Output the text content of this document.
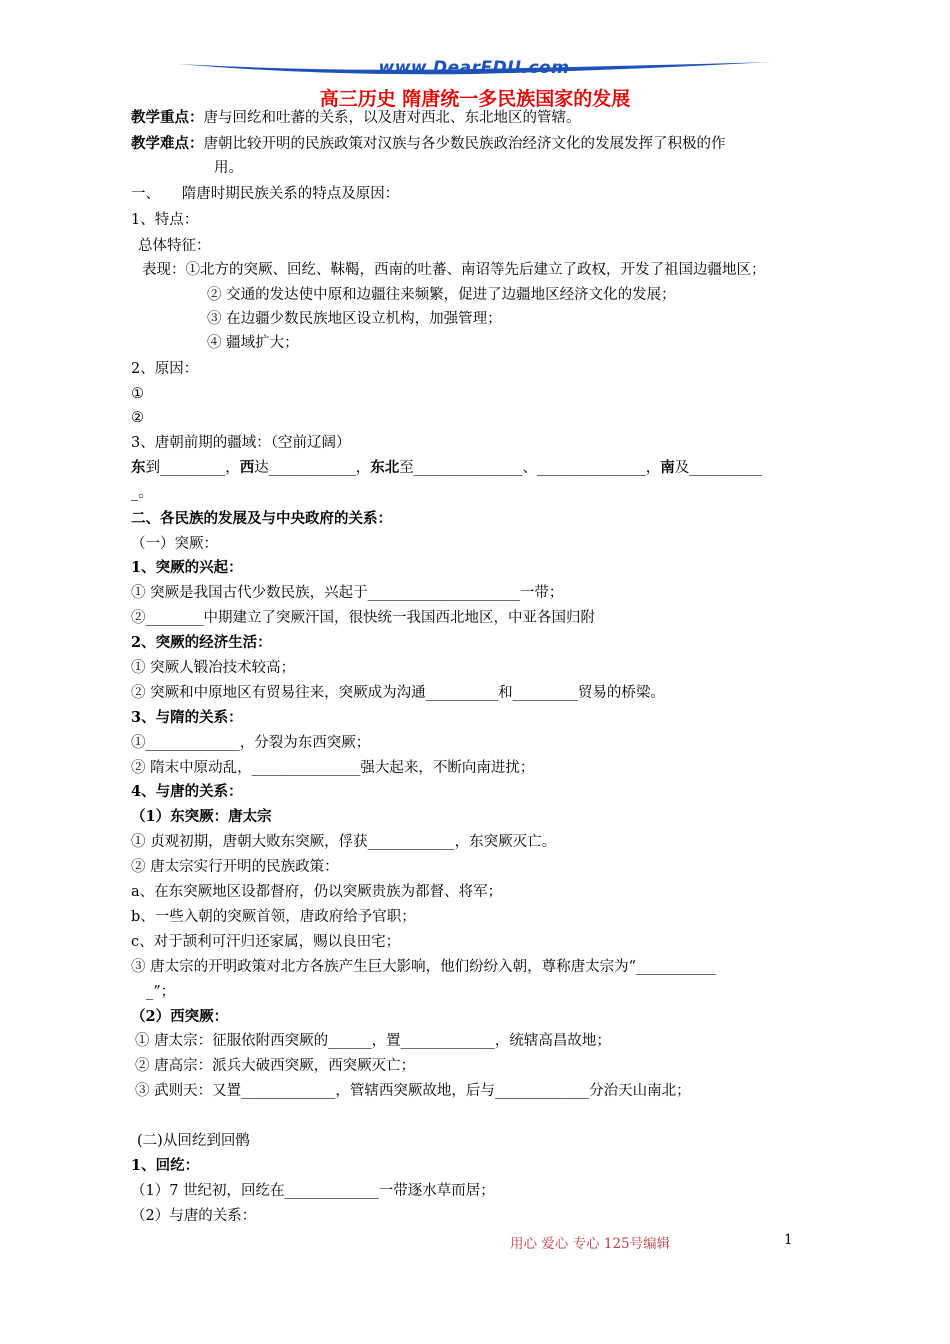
www.DearEDU.com
高三历史 隋唐统一多民族国家的发展
教学重点：唐与回纥和吐蕃的关系，以及唐对西北、东北地区的管辖。
教学难点：唐朝比较开明的民族政策对汉族与各少数民族政治经济文化的发展发挥了积极的作
用。
一、　　隋唐时期民族关系的特点及原因：
1、特点：
总体特征：
表现：①北方的突厥、回纥、靺鞨，西南的吐蕃、南诏等先后建立了政权，开发了祖国边疆地区；
② 交通的发达使中原和边疆往来频繁，促进了边疆地区经济文化的发展；
③ 在边疆少数民族地区设立机构，加强管理；
④ 疆域扩大；
2、原因：
①
②
3、唐朝前期的疆域：（空前辽阔）
东到_________，西达____________，东北至_______________、_______________，南及__________
_。
二、各民族的发展及与中央政府的关系：
（一）突厥：
1、突厥的兴起：
① 突厥是我国古代少数民族，兴起于_____________________一带；
②________中期建立了突厥汗国，很快统一我国西北地区，中亚各国归附
2、突厥的经济生活：
① 突厥人锻冶技术较高；
② 突厥和中原地区有贸易往来，突厥成为沟通__________和_________贸易的桥梁。
3、与隋的关系：
①_____________，分裂为东西突厥；
② 隋末中原动乱，_______________强大起来，不断向南进扰；
4、与唐的关系：
（1）东突厥：唐太宗
① 贞观初期，唐朝大败东突厥，俘获____________，东突厥灭亡。
② 唐太宗实行开明的民族政策：
a、在东突厥地区设都督府，仍以突厥贵族为都督、将军；
b、一些入朝的突厥首领，唐政府给予官职；
c、对于颉利可汗归还家属，赐以良田宅；
③ 唐太宗的开明政策对北方各族产生巨大影响，他们纷纷入朝，尊称唐太宗为“___________
_”；
（2）西突厥：
① 唐太宗：征服依附西突厥的______，置_____________，统辖高昌故地；
② 唐高宗：派兵大破西突厥，西突厥灭亡；
③ 武则天：又置_____________，管辖西突厥故地，后与_____________分治天山南北；
(二)从回纥到回鹘
1、回纥：
（1）7 世纪初，回纥在_____________一带逐水草而居；
（2）与唐的关系：
用心 爱心 专心 125号编辑	1
